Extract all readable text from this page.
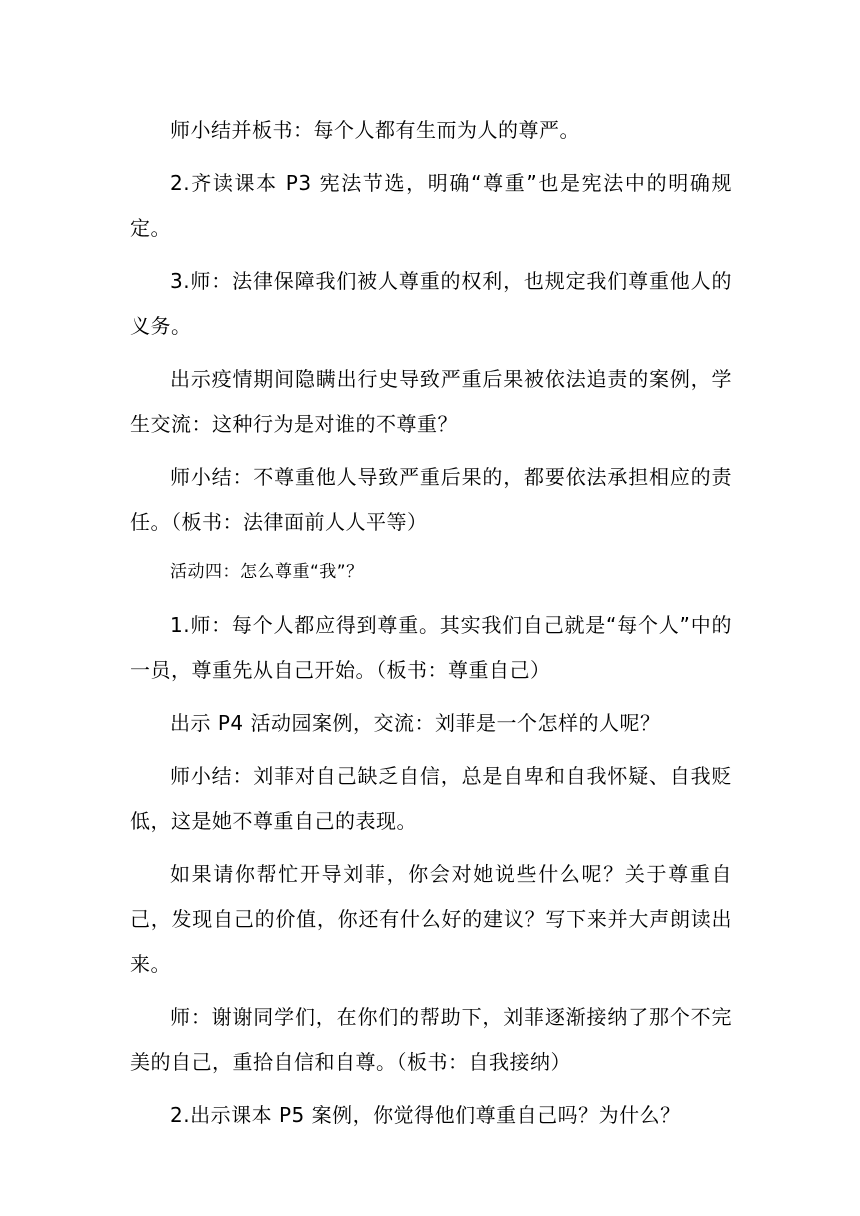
师小结并板书：每个人都有生而为人的尊严。

2.齐读课本 P3 宪法节选，明确“尊重”也是宪法中的明确规定。

3.师：法律保障我们被人尊重的权利，也规定我们尊重他人的义务。

出示疫情期间隐瞒出行史导致严重后果被依法追责的案例，学生交流：这种行为是对谁的不尊重？

师小结：不尊重他人导致严重后果的，都要依法承担相应的责任。（板书：法律面前人人平等）

活动四：怎么尊重“我”？

1.师：每个人都应得到尊重。其实我们自己就是“每个人”中的一员，尊重先从自己开始。（板书：尊重自己）

出示 P4 活动园案例，交流：刘菲是一个怎样的人呢？

师小结：刘菲对自己缺乏自信，总是自卑和自我怀疑、自我贬低，这是她不尊重自己的表现。

如果请你帮忙开导刘菲，你会对她说些什么呢？关于尊重自己，发现自己的价值，你还有什么好的建议？写下来并大声朗读出来。

师：谢谢同学们，在你们的帮助下，刘菲逐渐接纳了那个不完美的自己，重拾自信和自尊。（板书：自我接纳）

2.出示课本 P5 案例，你觉得他们尊重自己吗？为什么？
